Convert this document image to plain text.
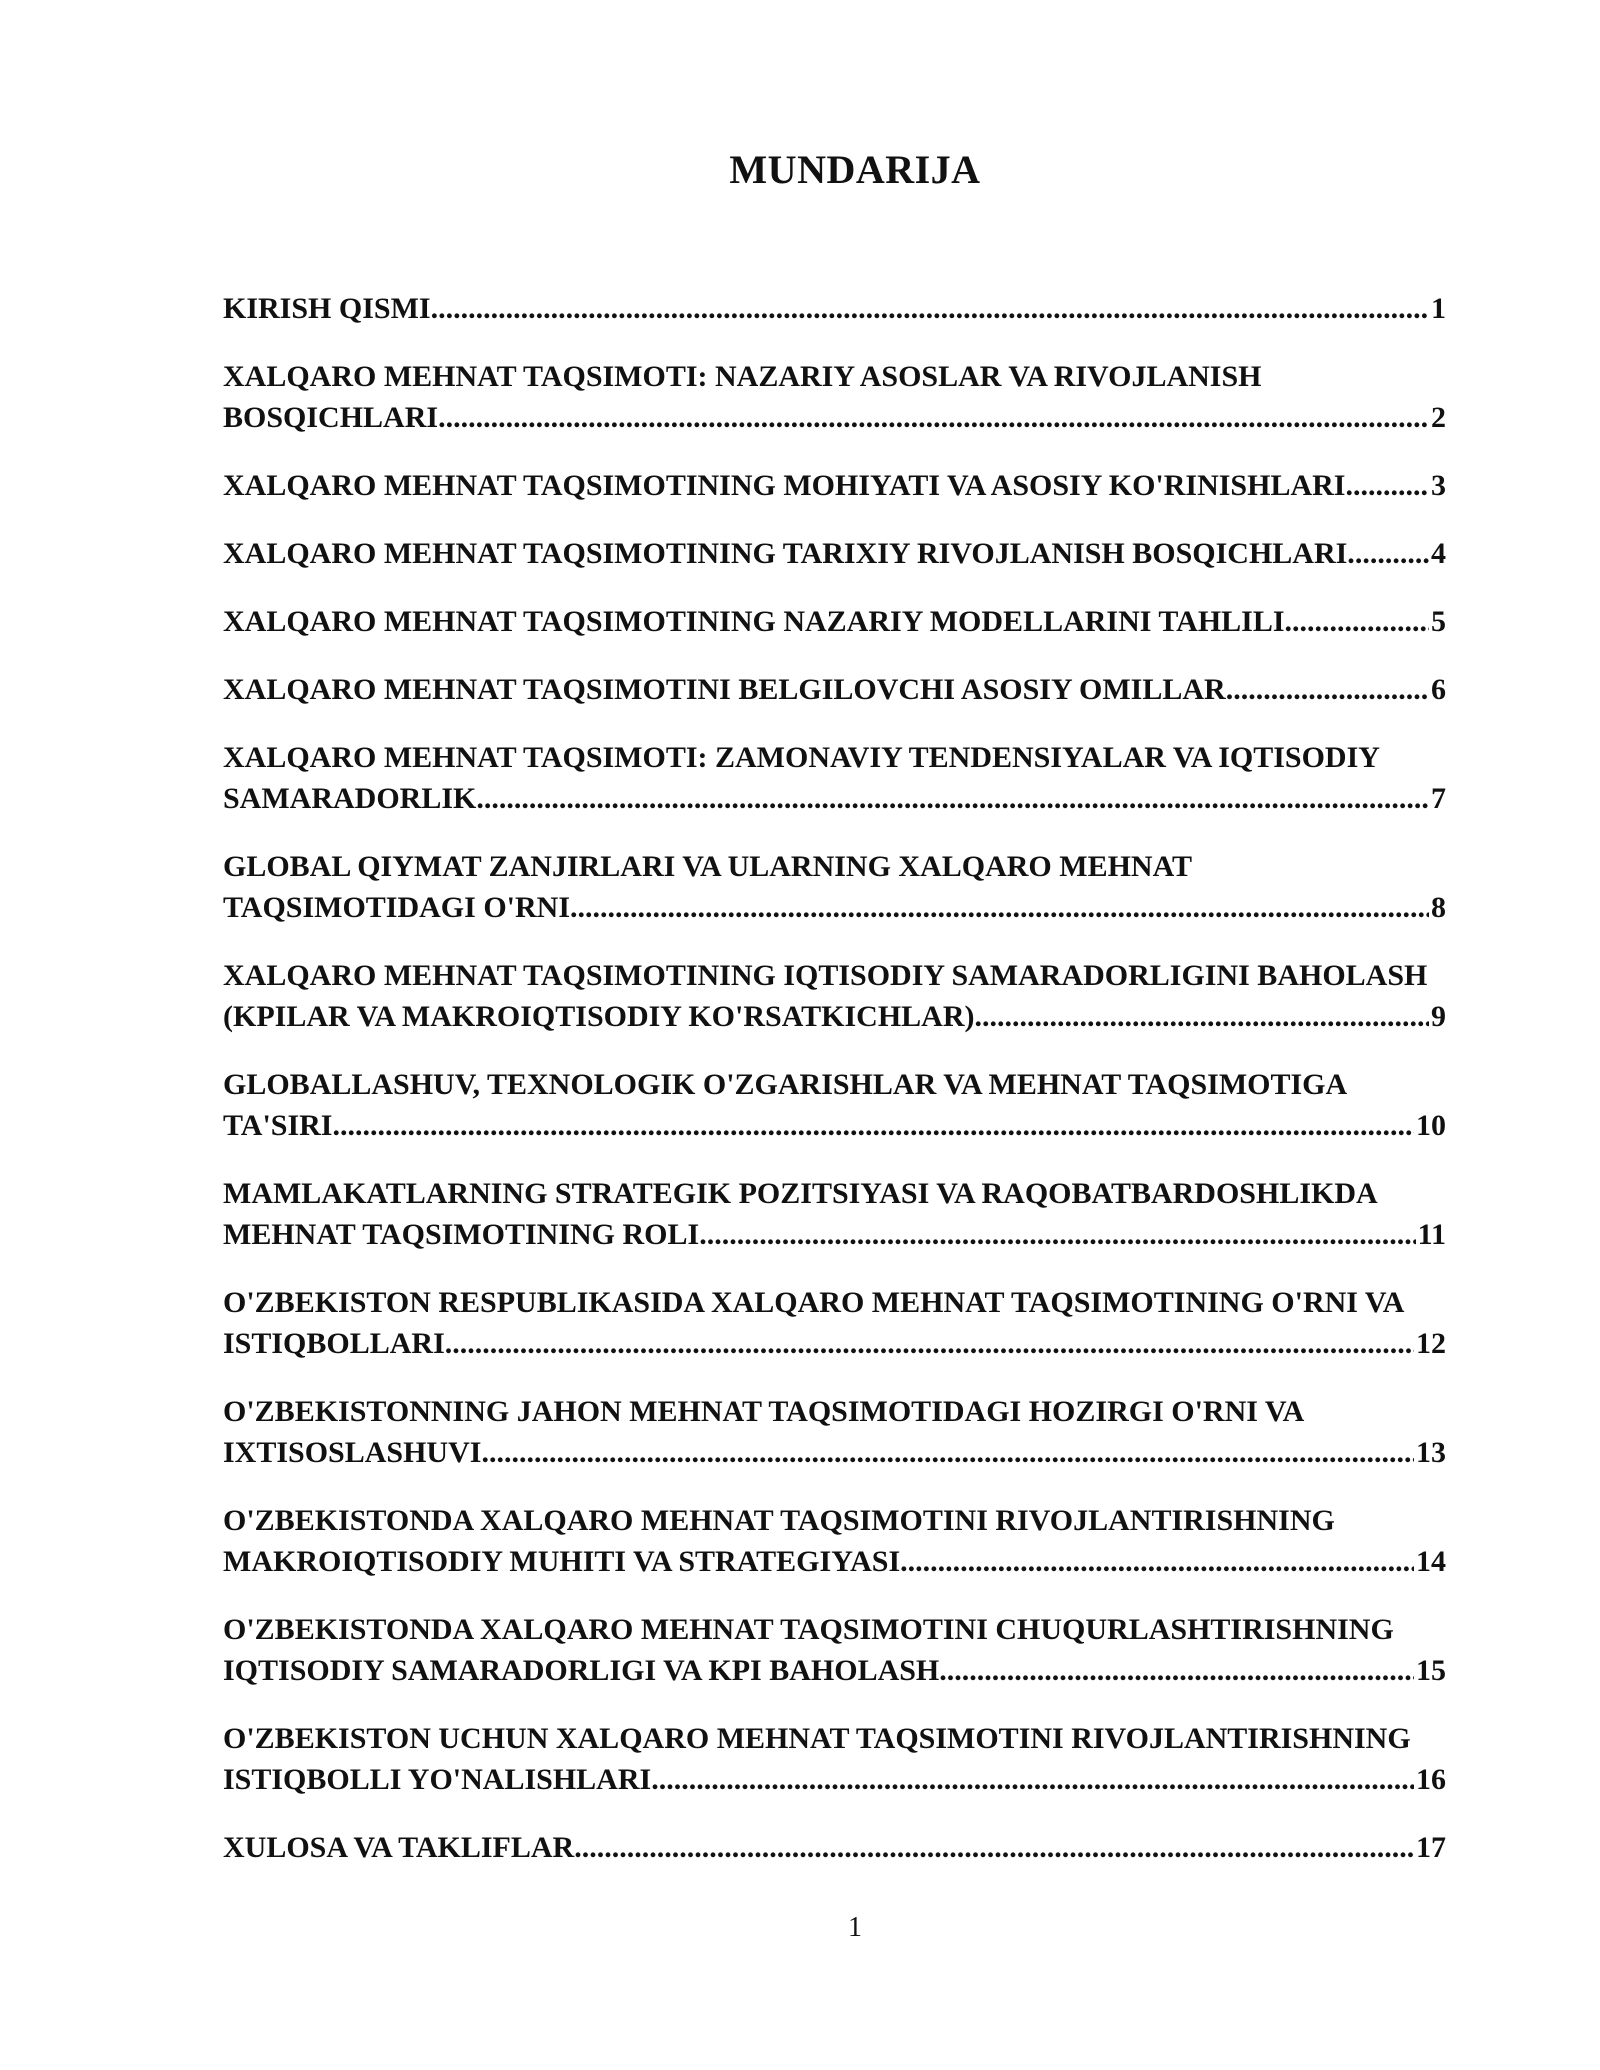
MUNDARIJA
KIRISH QISMI .....	1
XALQARO MEHNAT TAQSIMOTI: NAZARIY ASOSLAR VA RIVOJLANISH
BOSQICHLARI .....	2
XALQARO MEHNAT TAQSIMOTINING MOHIYATI VA ASOSIY KO'RINISHLARI. .....	3
XALQARO MEHNAT TAQSIMOTINING TARIXIY RIVOJLANISH BOSQICHLARI. .....	4
XALQARO MEHNAT TAQSIMOTINING NAZARIY MODELLARINI TAHLILI .....	5
XALQARO MEHNAT TAQSIMOTINI BELGILOVCHI ASOSIY OMILLAR .....	6
XALQARO MEHNAT TAQSIMOTI: ZAMONAVIY TENDENSIYALAR VA IQTISODIY
SAMARADORLIK .....	7
GLOBAL QIYMAT ZANJIRLARI VA ULARNING XALQARO MEHNAT
TAQSIMOTIDAGI O'RNI .....	8
XALQARO MEHNAT TAQSIMOTINING IQTISODIY SAMARADORLIGINI BAHOLASH
(KPILAR VA MAKROIQTISODIY KO'RSATKICHLAR) .....	9
GLOBALLASHUV, TEXNOLOGIK O'ZGARISHLAR VA MEHNAT TAQSIMOTIGA
TA'SIRI .....	10
MAMLAKATLARNING STRATEGIK POZITSIYASI VA RAQOBATBARDOSHLIKDA
MEHNAT TAQSIMOTINING ROLI .....	11
O'ZBEKISTON RESPUBLIKASIDA XALQARO MEHNAT TAQSIMOTINING O'RNI VA
ISTIQBOLLARI .....	12
O'ZBEKISTONNING JAHON MEHNAT TAQSIMOTIDAGI HOZIRGI O'RNI VA
IXTISOSLASHUVI .....	13
O'ZBEKISTONDA XALQARO MEHNAT TAQSIMOTINI RIVOJLANTIRISHNING
MAKROIQTISODIY MUHITI VA STRATEGIYASI .....	14
O'ZBEKISTONDA XALQARO MEHNAT TAQSIMOTINI CHUQURLASHTIRISHNING
IQTISODIY SAMARADORLIGI VA KPI BAHOLASH .....	15
O'ZBEKISTON UCHUN XALQARO MEHNAT TAQSIMOTINI RIVOJLANTIRISHNING
ISTIQBOLLI YO'NALISHLARI .....	16
XULOSA VA TAKLIFLAR .....	17
1
